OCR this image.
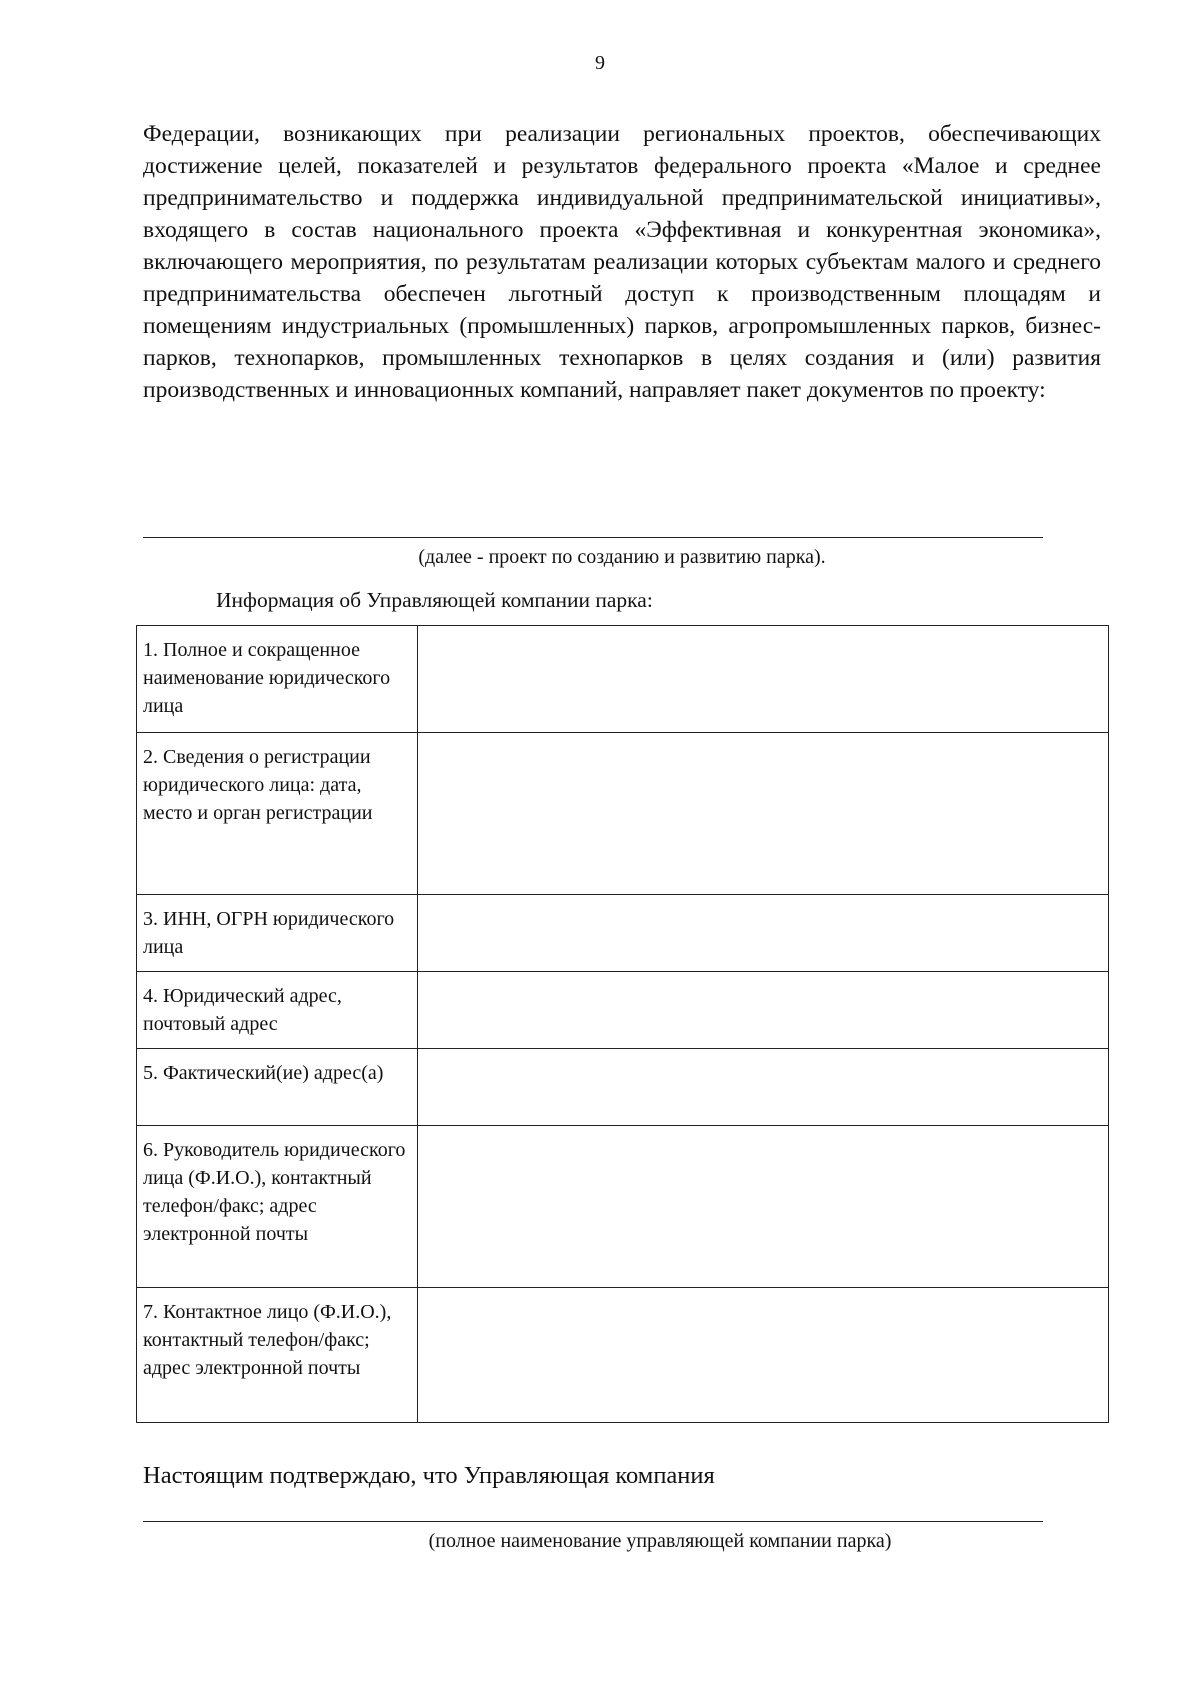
9

Федерации, возникающих при реализации региональных проектов, обеспечивающих достижение целей, показателей и результатов федерального проекта «Малое и среднее предпринимательство и поддержка индивидуальной предпринимательской инициативы», входящего в состав национального проекта «Эффективная и конкурентная экономика», включающего мероприятия, по результатам реализации которых субъектам малого и среднего предпринимательства обеспечен льготный доступ к производственным площадям и помещениям индустриальных (промышленных) парков, агропромышленных парков, бизнес-парков, технопарков, промышленных технопарков в целях создания и (или) развития производственных и инновационных компаний, направляет пакет документов по проекту:

(далее - проект по созданию и развитию парка).
Информация об Управляющей компании парка:
1. Полное и сокращенное наименование юридического лица	
2. Сведения о регистрации юридического лица: дата, место и орган регистрации	
3. ИНН, ОГРН юридического лица	
4. Юридический адрес, почтовый адрес	
5. Фактический(ие) адрес(а)	
6. Руководитель юридического лица (Ф.И.О.), контактный телефон/факс; адрес электронной почты	
7. Контактное лицо (Ф.И.О.), контактный телефон/факс; адрес электронной почты	
Настоящим подтверждаю, что Управляющая компания
(полное наименование управляющей компании парка)
